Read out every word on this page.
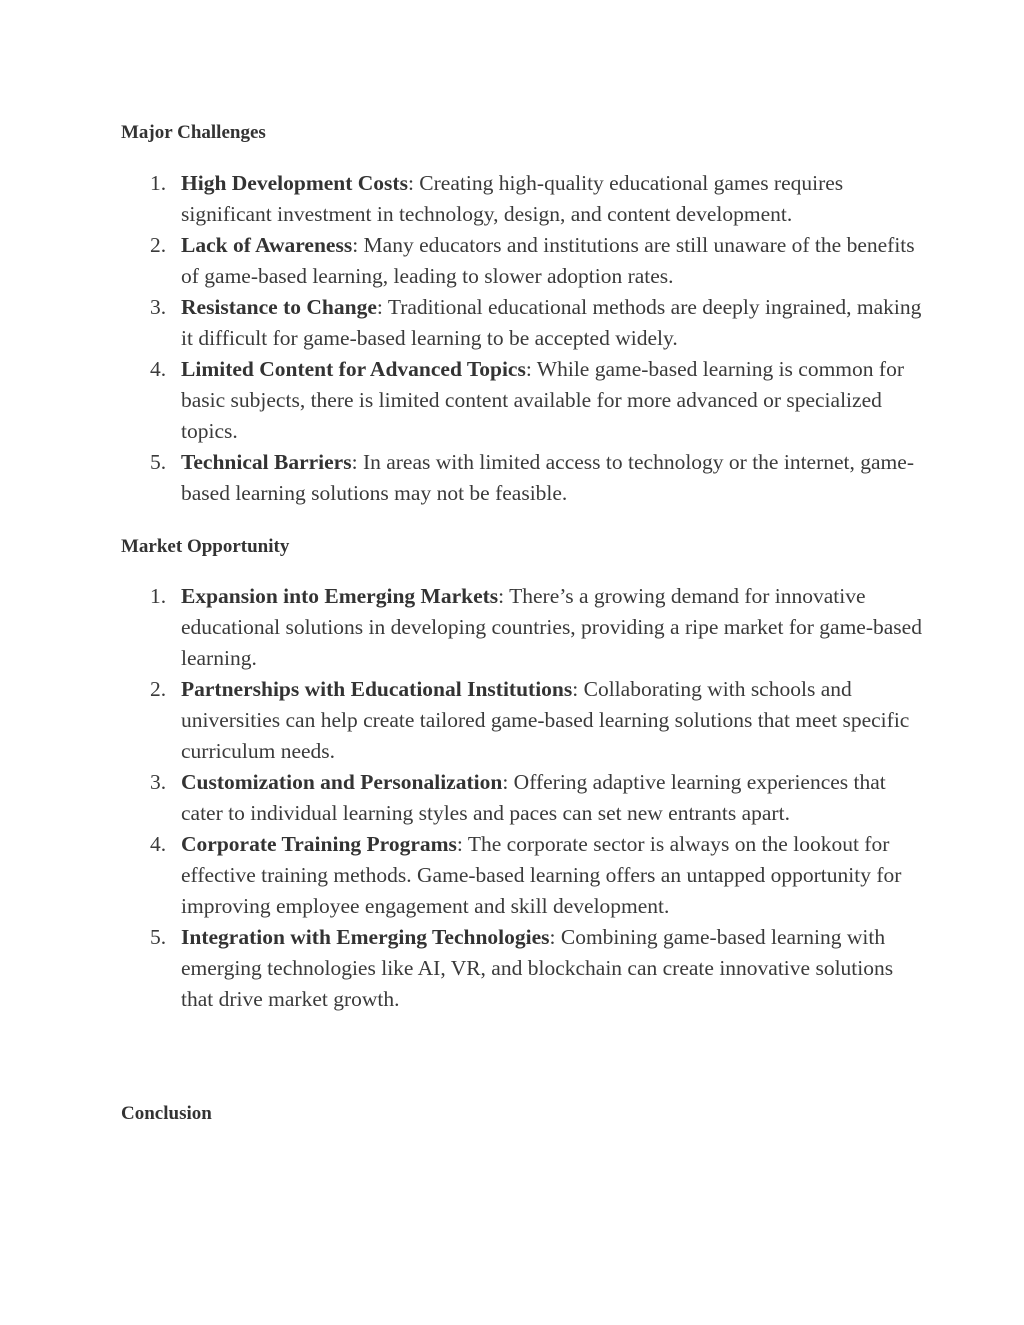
Major Challenges
1. High Development Costs: Creating high-quality educational games requires significant investment in technology, design, and content development.
2. Lack of Awareness: Many educators and institutions are still unaware of the benefits of game-based learning, leading to slower adoption rates.
3. Resistance to Change: Traditional educational methods are deeply ingrained, making it difficult for game-based learning to be accepted widely.
4. Limited Content for Advanced Topics: While game-based learning is common for basic subjects, there is limited content available for more advanced or specialized topics.
5. Technical Barriers: In areas with limited access to technology or the internet, game-based learning solutions may not be feasible.
Market Opportunity
1. Expansion into Emerging Markets: There’s a growing demand for innovative educational solutions in developing countries, providing a ripe market for game-based learning.
2. Partnerships with Educational Institutions: Collaborating with schools and universities can help create tailored game-based learning solutions that meet specific curriculum needs.
3. Customization and Personalization: Offering adaptive learning experiences that cater to individual learning styles and paces can set new entrants apart.
4. Corporate Training Programs: The corporate sector is always on the lookout for effective training methods. Game-based learning offers an untapped opportunity for improving employee engagement and skill development.
5. Integration with Emerging Technologies: Combining game-based learning with emerging technologies like AI, VR, and blockchain can create innovative solutions that drive market growth.
Conclusion
